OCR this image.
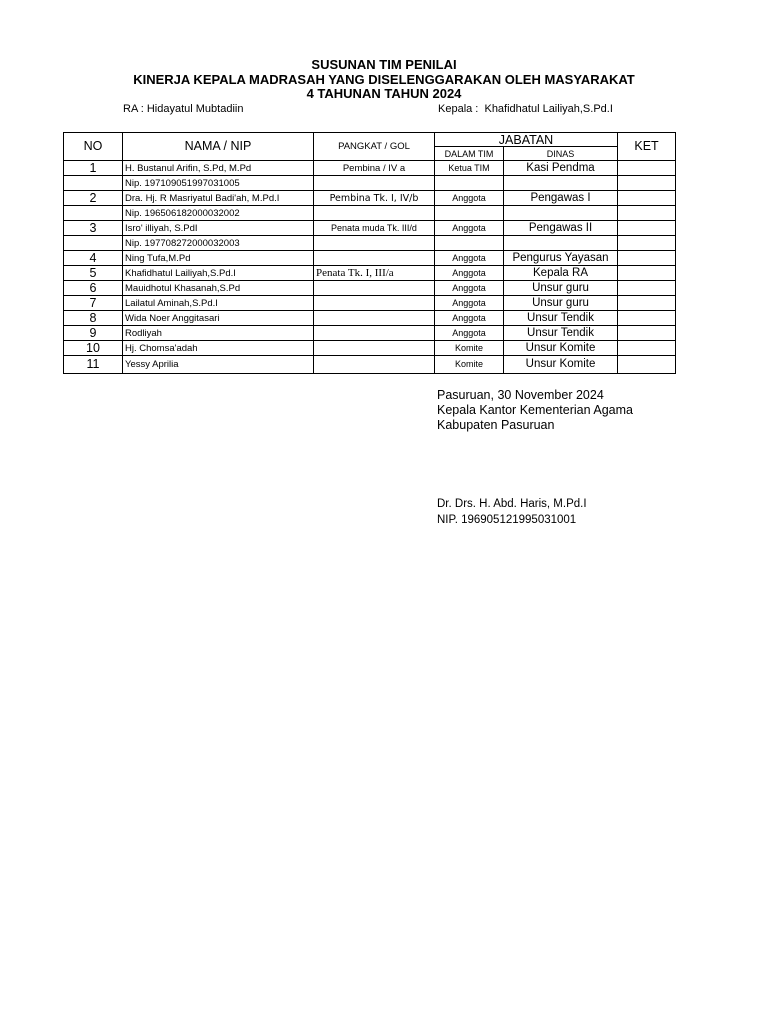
SUSUNAN TIM PENILAI
KINERJA KEPALA MADRASAH YANG DISELENGGARAKAN OLEH MASYARAKAT
4 TAHUNAN TAHUN 2024
RA : Hidayatul Mubtadiin	Kepala :  Khafidhatul Lailiyah,S.Pd.I
NO	NAMA / NIP	PANGKAT / GOL	JABATAN		KET
			DALAM TIM	DINAS	
1	H. Bustanul Arifin, S.Pd, M.Pd	Pembina / IV a	Ketua TIM	Kasi Pendma	
	Nip. 197109051997031005				
2	Dra. Hj. R Masriyatul Badi'ah, M.Pd.I	Pembina Tk. I, IV/b	Anggota	Pengawas I	
	Nip. 196506182000032002				
3	Isro' illiyah, S.PdI	Penata muda Tk. III/d	Anggota	Pengawas II	
	Nip. 197708272000032003				
4	Ning Tufa,M.Pd		Anggota	Pengurus Yayasan	
5	Khafidhatul Lailiyah,S.Pd.I	Penata Tk. I, III/a	Anggota	Kepala RA	
6	Mauidhotul Khasanah,S.Pd		Anggota	Unsur guru	
7	Lailatul Aminah,S.Pd.I		Anggota	Unsur guru	
8	Wida Noer Anggitasari		Anggota	Unsur Tendik	
9	Rodliyah		Anggota	Unsur Tendik	
10	Hj. Chomsa'adah		Komite	Unsur Komite	
11	Yessy Aprilia		Komite	Unsur Komite	
Pasuruan, 30 November 2024
Kepala Kantor Kementerian Agama
Kabupaten Pasuruan
Dr. Drs. H. Abd. Haris, M.Pd.I
NIP. 196905121995031001
